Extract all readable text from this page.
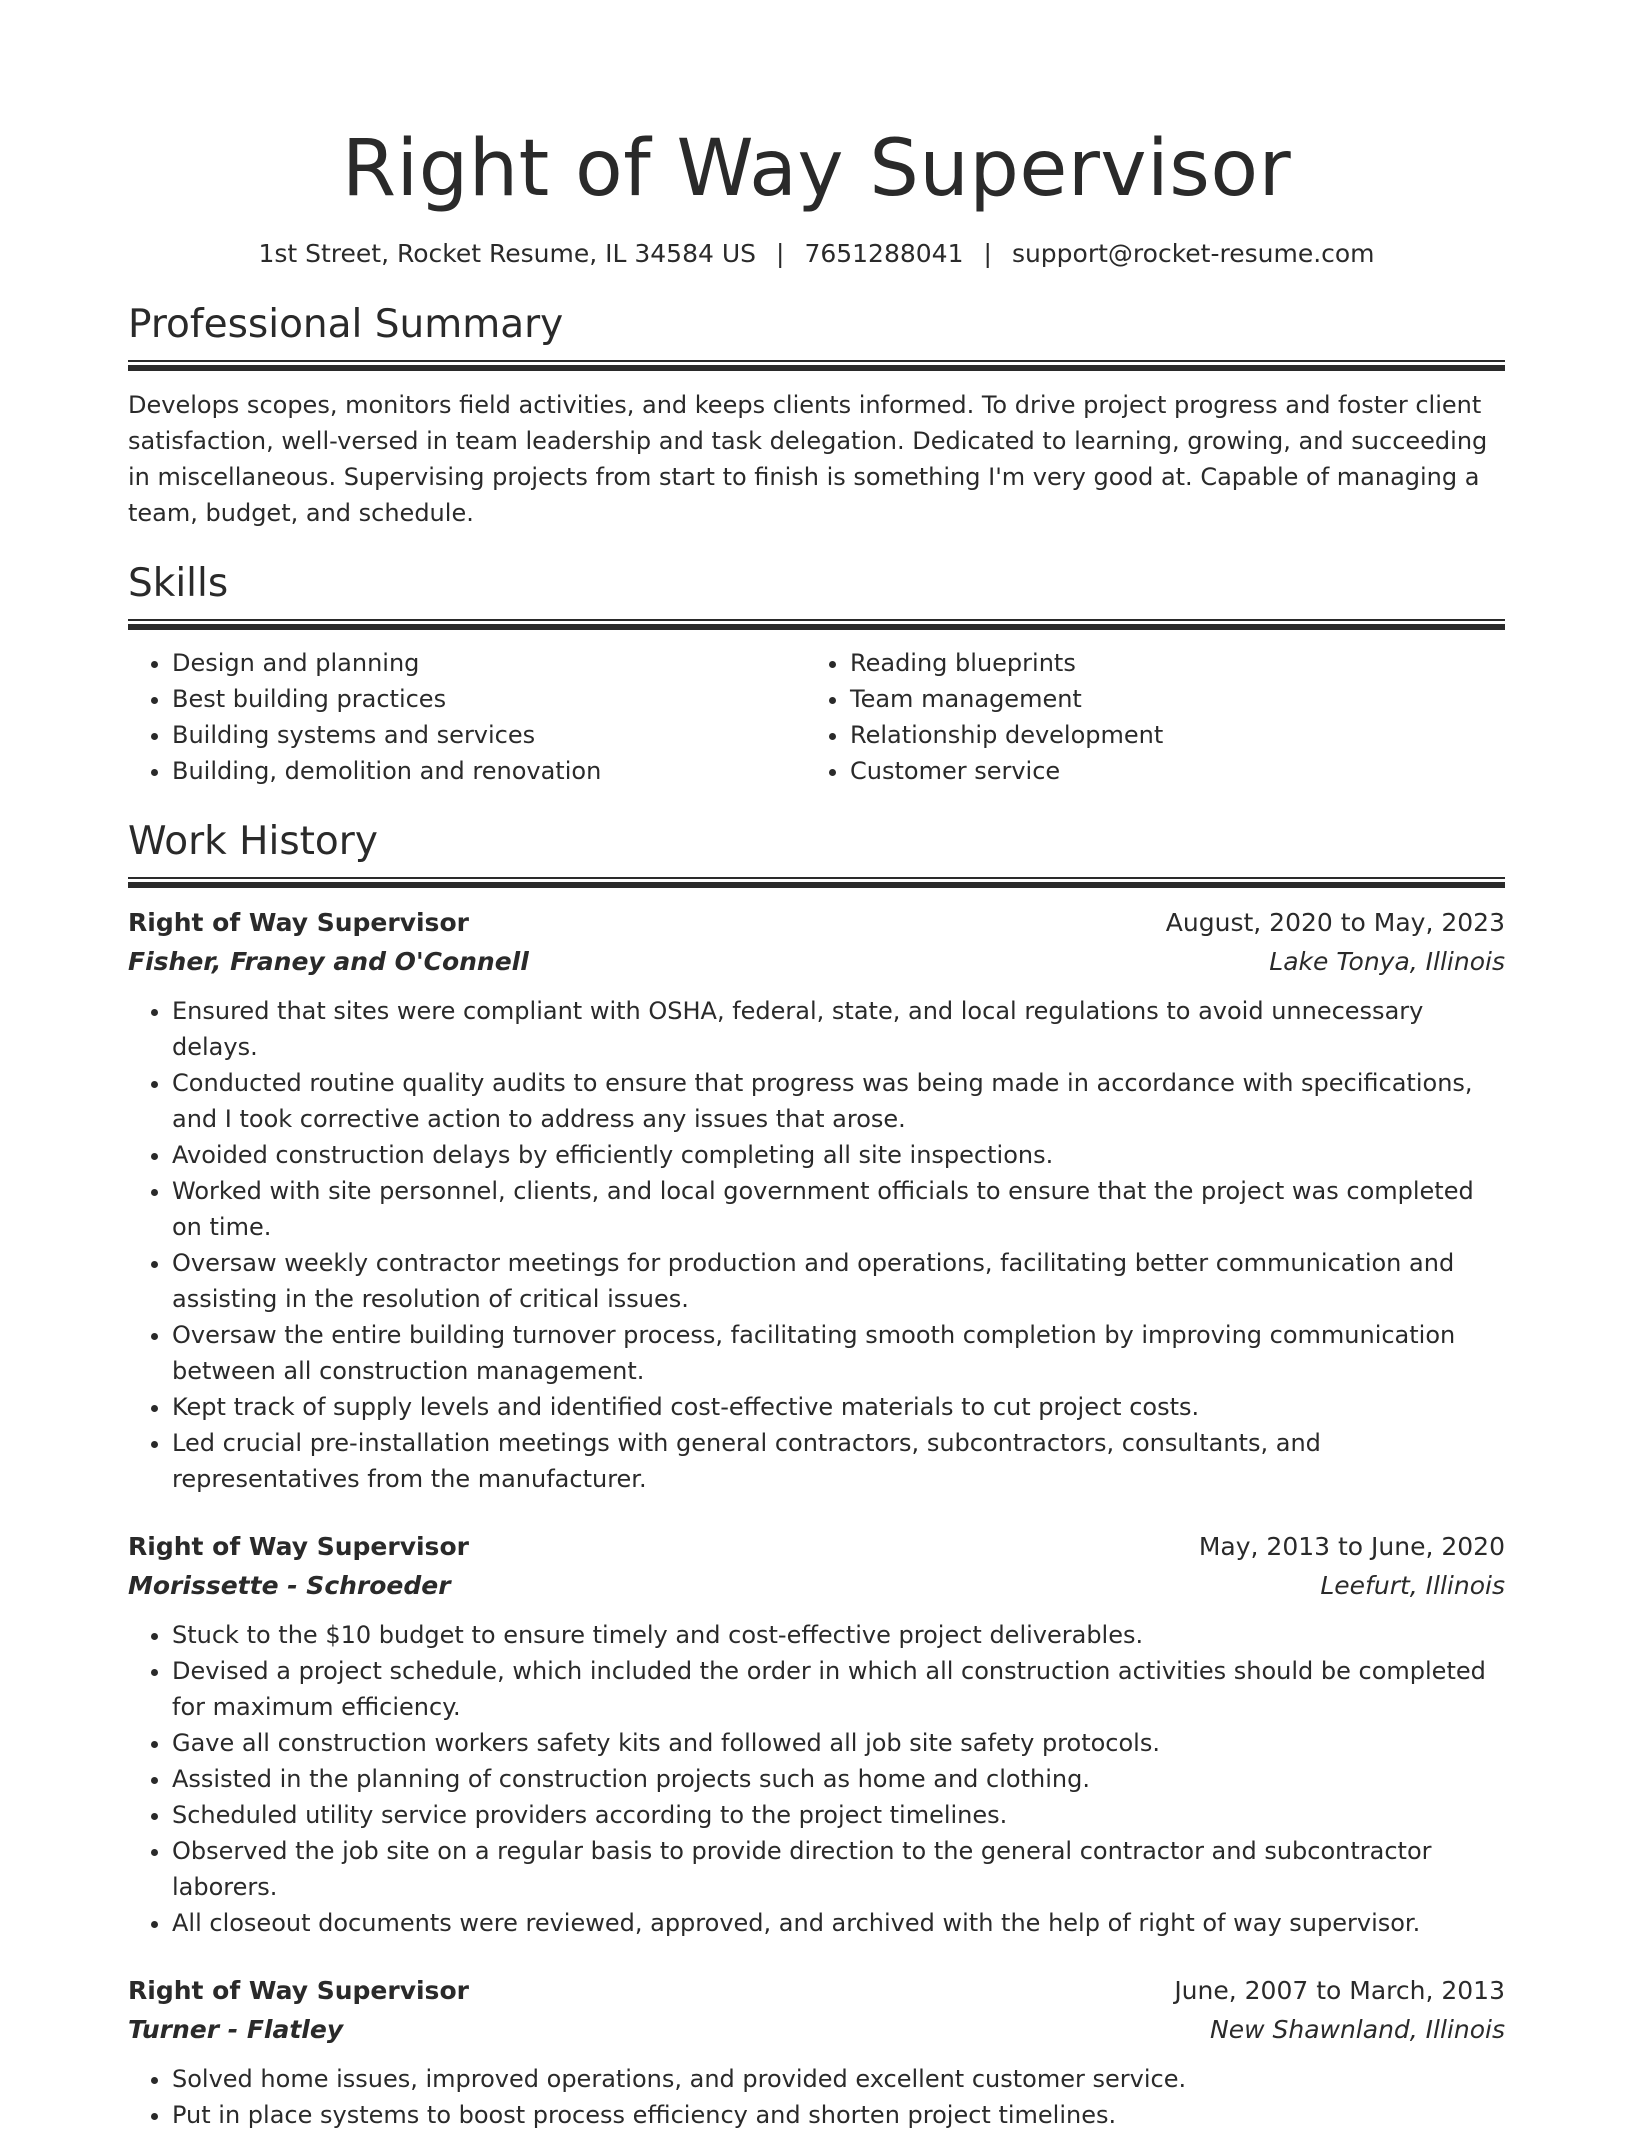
Right of Way Supervisor
1st Street, Rocket Resume, IL 34584 US | 7651288041 | support@rocket-resume.com
Professional Summary

Develops scopes, monitors field activities, and keeps clients informed. To drive project progress and foster client satisfaction, well-versed in team leadership and task delegation. Dedicated to learning, growing, and succeeding in miscellaneous. Supervising projects from start to finish is something I'm very good at. Capable of managing a team, budget, and schedule.

Skills
• Design and planning
• Best building practices
• Building systems and services
• Building, demolition and renovation
• Reading blueprints
• Team management
• Relationship development
• Customer service
Work History
Right of Way Supervisor	August, 2020 to May, 2023
Fisher, Franey and O'Connell	Lake Tonya, Illinois
• Ensured that sites were compliant with OSHA, federal, state, and local regulations to avoid unnecessary delays.
• Conducted routine quality audits to ensure that progress was being made in accordance with specifications, and I took corrective action to address any issues that arose.
• Avoided construction delays by efficiently completing all site inspections.
• Worked with site personnel, clients, and local government officials to ensure that the project was completed on time.
• Oversaw weekly contractor meetings for production and operations, facilitating better communication and assisting in the resolution of critical issues.
• Oversaw the entire building turnover process, facilitating smooth completion by improving communication between all construction management.
• Kept track of supply levels and identified cost-effective materials to cut project costs.
• Led crucial pre-installation meetings with general contractors, subcontractors, consultants, and representatives from the manufacturer.
Right of Way Supervisor	May, 2013 to June, 2020
Morissette - Schroeder	Leefurt, Illinois
• Stuck to the $10 budget to ensure timely and cost-effective project deliverables.
• Devised a project schedule, which included the order in which all construction activities should be completed for maximum efficiency.
• Gave all construction workers safety kits and followed all job site safety protocols.
• Assisted in the planning of construction projects such as home and clothing.
• Scheduled utility service providers according to the project timelines.
• Observed the job site on a regular basis to provide direction to the general contractor and subcontractor laborers.
• All closeout documents were reviewed, approved, and archived with the help of right of way supervisor.
Right of Way Supervisor	June, 2007 to March, 2013
Turner - Flatley	New Shawnland, Illinois
• Solved home issues, improved operations, and provided excellent customer service.
• Put in place systems to boost process efficiency and shorten project timelines.
